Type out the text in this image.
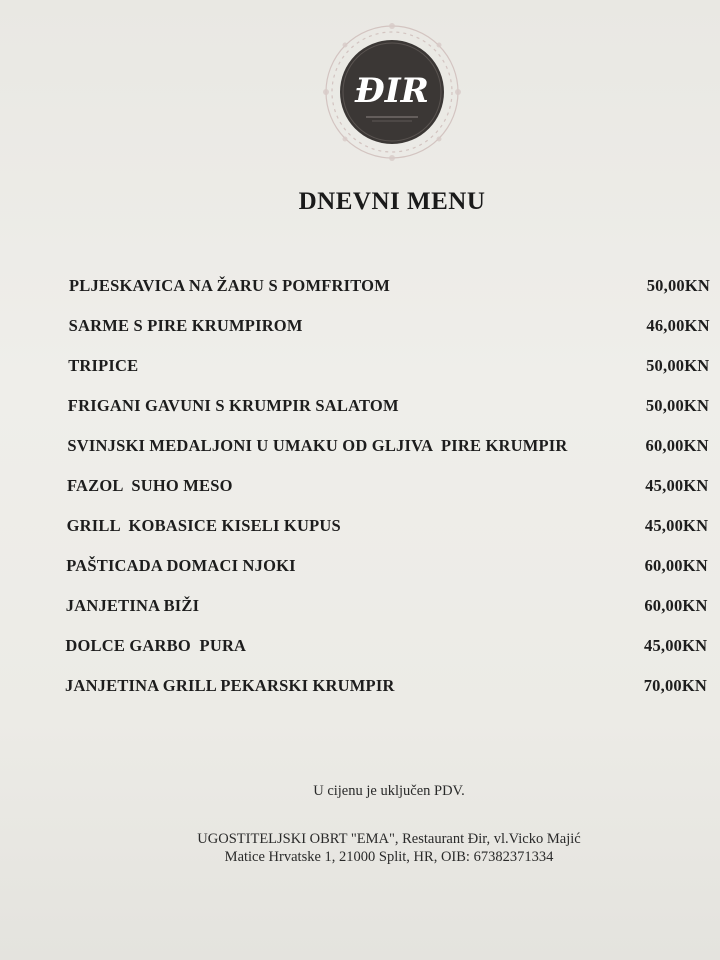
ĐIR
DNEVNI MENU
PLJESKAVICA NA ŽARU S POMFRITOM	50,00KN
SARME S PIRE KRUMPIROM	46,00KN
TRIPICE	50,00KN
FRIGANI GAVUNI S KRUMPIR SALATOM	50,00KN
SVINJSKI MEDALJONI U UMAKU OD GLJIVA  PIRE KRUMPIR	60,00KN
FAZOL  SUHO MESO	45,00KN
GRILL  KOBASICE KISELI KUPUS	45,00KN
PAŠTICADA DOMACI NJOKI	60,00KN
JANJETINA BIŽI	60,00KN
DOLCE GARBO  PURA	45,00KN
JANJETINA GRILL PEKARSKI KRUMPIR	70,00KN
U cijenu je uključen PDV.
UGOSTITELJSKI OBRT "EMA", Restaurant Đir, vl.Vicko Majić
Matice Hrvatske 1, 21000 Split, HR, OIB: 67382371334
